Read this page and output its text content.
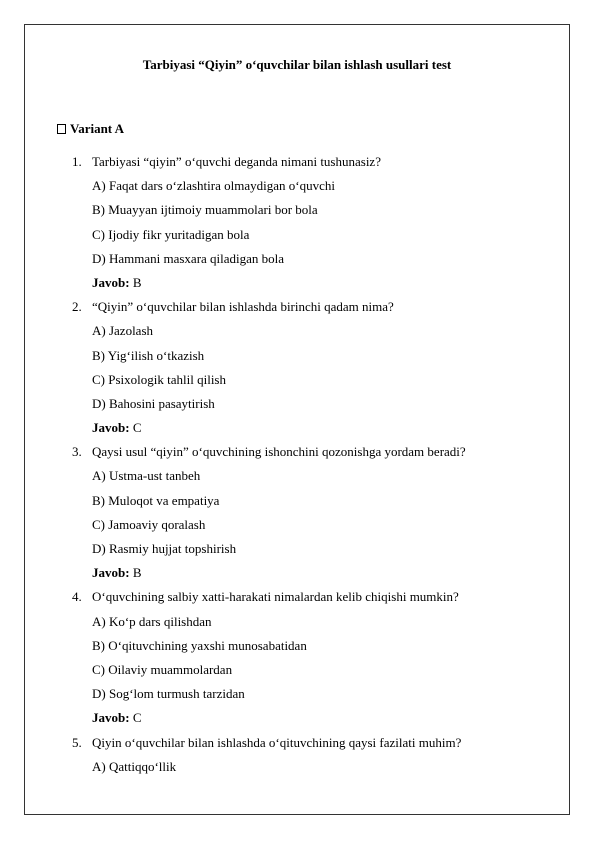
Tarbiyasi “Qiyin” o‘quvchilar bilan ishlash usullari test

Variant A

1. Tarbiyasi “qiyin” o‘quvchi deganda nimani tushunasiz?
A) Faqat dars o‘zlashtira olmaydigan o‘quvchi
B) Muayyan ijtimoiy muammolari bor bola
C) Ijodiy fikr yuritadigan bola
D) Hammani masxara qiladigan bola
Javob: B
2. “Qiyin” o‘quvchilar bilan ishlashda birinchi qadam nima?
A) Jazolash
B) Yig‘ilish o‘tkazish
C) Psixologik tahlil qilish
D) Bahosini pasaytirish
Javob: C
3. Qaysi usul “qiyin” o‘quvchining ishonchini qozonishga yordam beradi?
A) Ustma-ust tanbeh
B) Muloqot va empatiya
C) Jamoaviy qoralash
D) Rasmiy hujjat topshirish
Javob: B
4. O‘quvchining salbiy xatti-harakati nimalardan kelib chiqishi mumkin?
A) Ko‘p dars qilishdan
B) O‘qituvchining yaxshi munosabatidan
C) Oilaviy muammolardan
D) Sog‘lom turmush tarzidan
Javob: C
5. Qiyin o‘quvchilar bilan ishlashda o‘qituvchining qaysi fazilati muhim?
A) Qattiqqo‘llik
